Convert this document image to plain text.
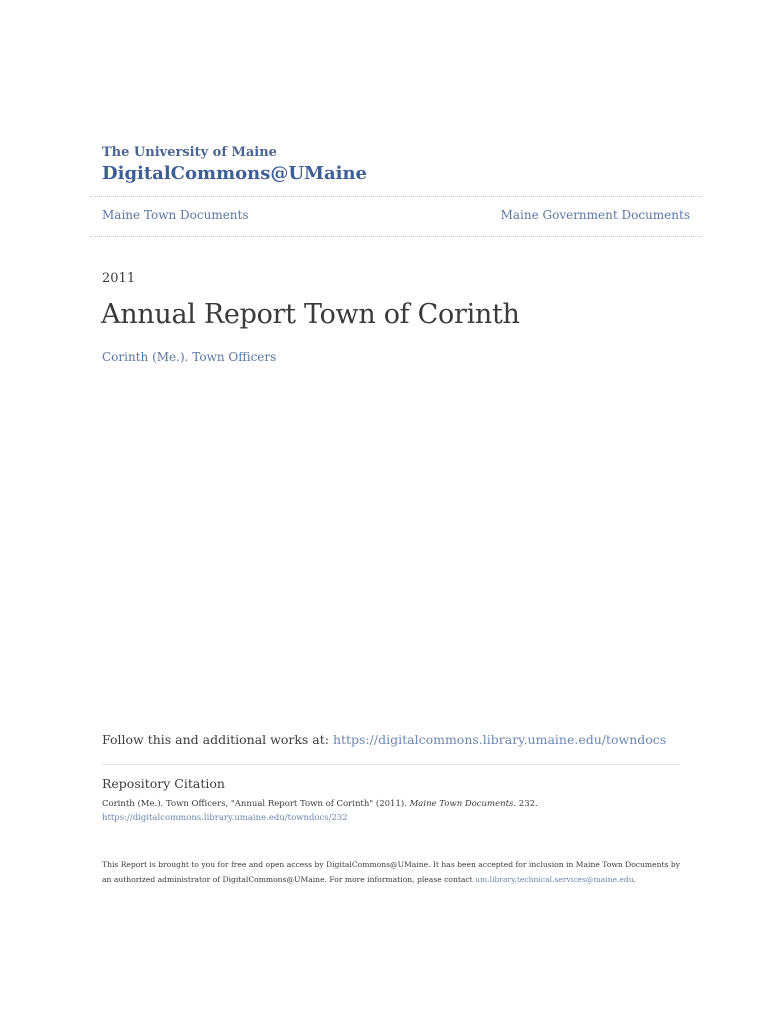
The University of Maine
DigitalCommons@UMaine
Maine Town Documents	Maine Government Documents
2011
Annual Report Town of Corinth
Corinth (Me.). Town Officers
Follow this and additional works at: https://digitalcommons.library.umaine.edu/towndocs
Repository Citation
Corinth (Me.). Town Officers, "Annual Report Town of Corinth" (2011). Maine Town Documents. 232.
https://digitalcommons.library.umaine.edu/towndocs/232
This Report is brought to you for free and open access by DigitalCommons@UMaine. It has been accepted for inclusion in Maine Town Documents by
an authorized administrator of DigitalCommons@UMaine. For more information, please contact um.library.technical.services@maine.edu.
